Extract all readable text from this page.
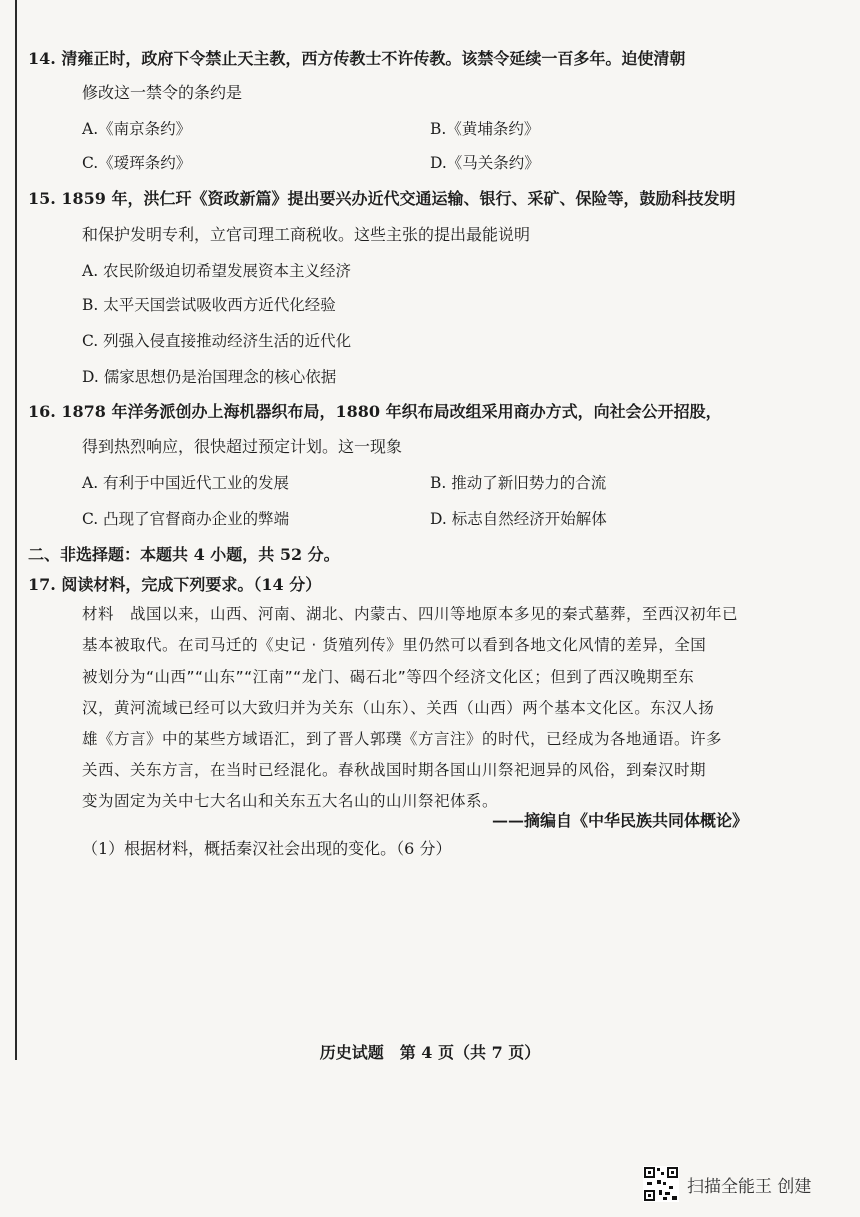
14. 清雍正时，政府下令禁止天主教，西方传教士不许传教。该禁令延续一百多年。迫使清朝
修改这一禁令的条约是
A.《南京条约》	B.《黄埔条约》
C.《瑷珲条约》	D.《马关条约》
15. 1859 年，洪仁玕《资政新篇》提出要兴办近代交通运输、银行、采矿、保险等，鼓励科技发明
和保护发明专利，立官司理工商税收。这些主张的提出最能说明
A. 农民阶级迫切希望发展资本主义经济
B. 太平天国尝试吸收西方近代化经验
C. 列强入侵直接推动经济生活的近代化
D. 儒家思想仍是治国理念的核心依据
16. 1878 年洋务派创办上海机器织布局，1880 年织布局改组采用商办方式，向社会公开招股，
得到热烈响应，很快超过预定计划。这一现象
A. 有利于中国近代工业的发展	B. 推动了新旧势力的合流
C. 凸现了官督商办企业的弊端	D. 标志自然经济开始解体
二、非选择题：本题共 4 小题，共 52 分。
17. 阅读材料，完成下列要求。（14 分）
材料　战国以来，山西、河南、湖北、内蒙古、四川等地原本多见的秦式墓葬，至西汉初年已
基本被取代。在司马迁的《史记 · 货殖列传》里仍然可以看到各地文化风情的差异，全国
被划分为“山西”“山东”“江南”“龙门、碣石北”等四个经济文化区；但到了西汉晚期至东
汉，黄河流域已经可以大致归并为关东（山东）、关西（山西）两个基本文化区。东汉人扬
雄《方言》中的某些方域语汇，到了晋人郭璞《方言注》的时代，已经成为各地通语。许多
关西、关东方言，在当时已经混化。春秋战国时期各国山川祭祀迥异的风俗，到秦汉时期
变为固定为关中七大名山和关东五大名山的山川祭祀体系。
——摘编自《中华民族共同体概论》
（1）根据材料，概括秦汉社会出现的变化。（6 分）
历史试题　第 4 页（共 7 页）
扫描全能王 创建
